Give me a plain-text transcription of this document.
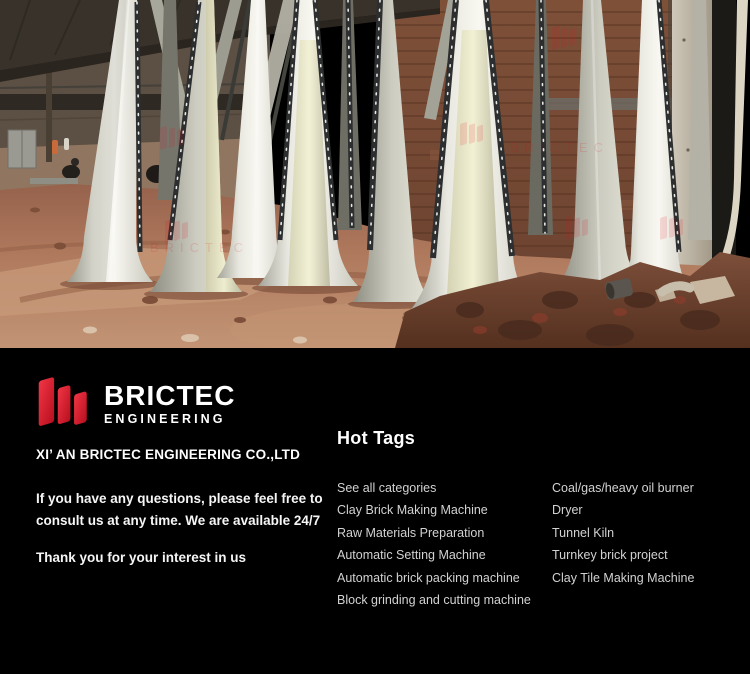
BRICTEC
BRICTEC
BRICTEC
ENGINEERING
XI’ AN BRICTEC ENGINEERING CO.,LTD

If you have any questions, please feel free to consult us at any time. We are available 24/7

Thank you for your interest in us

Hot Tags
See all categories
Clay Brick Making Machine
Raw Materials Preparation
Automatic Setting Machine
Automatic brick packing machine
Block grinding and cutting machine
Coal/gas/heavy oil burner
Dryer
Tunnel Kiln
Turnkey brick project
Clay Tile Making Machine
